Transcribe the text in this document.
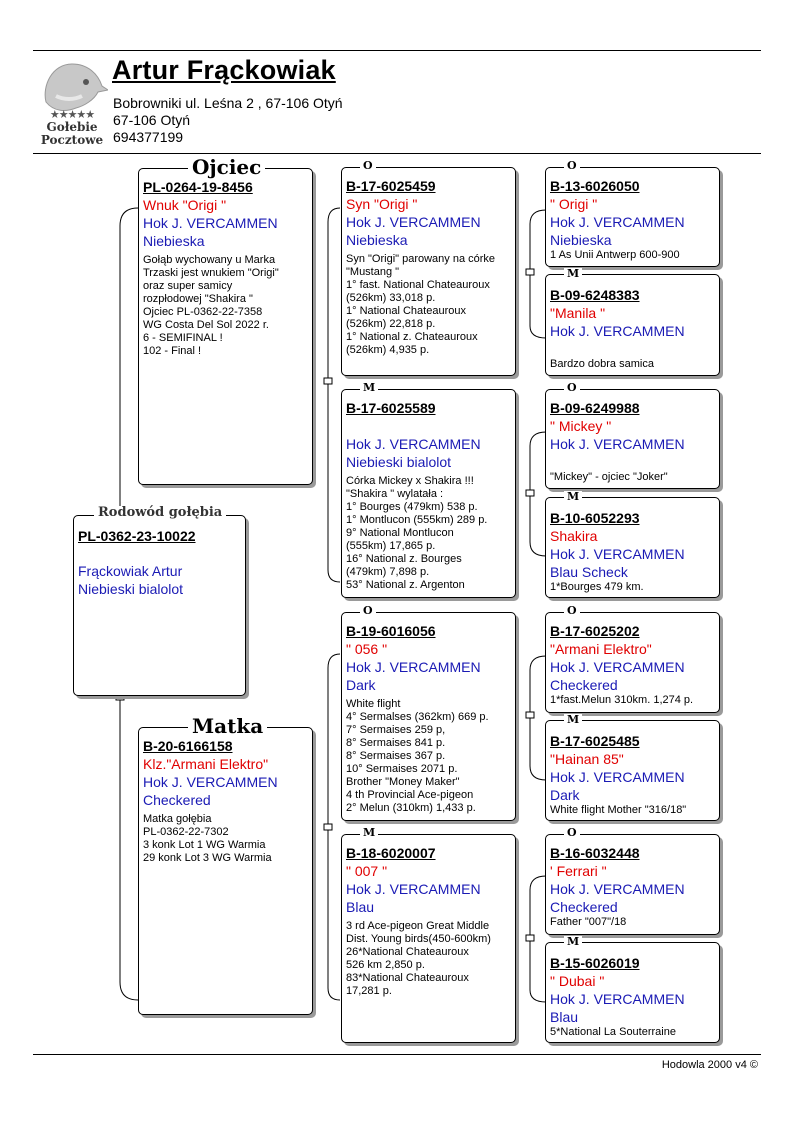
★★★★★
Gołebie
Pocztowe
Artur Frąckowiak
Bobrowniki ul. Leśna 2 , 67-106 Otyń
67-106 Otyń
694377199
PL-0362-23-10022
Frąckowiak Artur
Niebieski bialolot
Rodowód gołębia
PL-0264-19-8456
Wnuk "Origi "
Hok J. VERCAMMEN
Niebieska
Gołąb wychowany u Marka
Trzaski jest wnukiem "Origi"
oraz super samicy
rozpłodowej "Shakira "
Ojciec PL-0362-22-7358
WG Costa Del Sol 2022 r.
6 - SEMIFINAL !
102 - Final !
Ojciec
B-20-6166158
Klz."Armani Elektro"
Hok J. VERCAMMEN
Checkered
Matka gołębia
PL-0362-22-7302
3 konk Lot 1 WG Warmia
29 konk Lot 3 WG Warmia
Matka
B-17-6025459
Syn "Origi "
Hok J. VERCAMMEN
Niebieska
Syn "Origi" parowany na córke
"Mustang "
1° fast. National Chateauroux
(526km) 33,018 p.
1° National Chateauroux
(526km) 22,818 p.
1° National z. Chateauroux
(526km) 4,935 p.
O
B-17-6025589
Hok J. VERCAMMEN
Niebieski bialolot
Córka Mickey x Shakira !!!
"Shakira " wylatała :
1° Bourges (479km) 538 p.
1° Montlucon (555km) 289 p.
9° National Montlucon
(555km) 17,865 p.
16° National z. Bourges
(479km) 7,898 p.
53° National z. Argenton
M
B-19-6016056
" 056 "
Hok J. VERCAMMEN
Dark
White flight
4° Sermalses (362km) 669 p.
7° Sermaises 259 p,
8° Sermaises 841 p.
8° Sermaises 367 p.
10° Sermaises 2071 p.
Brother "Money Maker"
4 th Provincial Ace-pigeon
2° Melun (310km) 1,433 p.
O
B-18-6020007
" 007 "
Hok J. VERCAMMEN
Blau
3 rd Ace-pigeon Great Middle
Dist. Young birds(450-600km)
26*National Chateauroux
526 km 2,850 p.
83*National Chateauroux
17,281 p.
M
B-13-6026050
" Origi "
Hok J. VERCAMMEN
Niebieska
1 As Unii Antwerp 600-900
O
B-09-6248383
"Manila "
Hok J. VERCAMMEN
Bardzo dobra samica
M
B-09-6249988
" Mickey "
Hok J. VERCAMMEN
"Mickey" - ojciec "Joker"
O
B-10-6052293
Shakira
Hok J. VERCAMMEN
Blau Scheck
1*Bourges 479 km.
M
B-17-6025202
"Armani Elektro"
Hok J. VERCAMMEN
Checkered
1*fast.Melun 310km. 1,274 p.
O
B-17-6025485
"Hainan 85"
Hok J. VERCAMMEN
Dark
White flight Mother "316/18"
M
B-16-6032448
' Ferrari "
Hok J. VERCAMMEN
Checkered
Father "007"/18
O
B-15-6026019
" Dubai "
Hok J. VERCAMMEN
Blau
5*National La Souterraine
M
Hodowla 2000 v4 ©
